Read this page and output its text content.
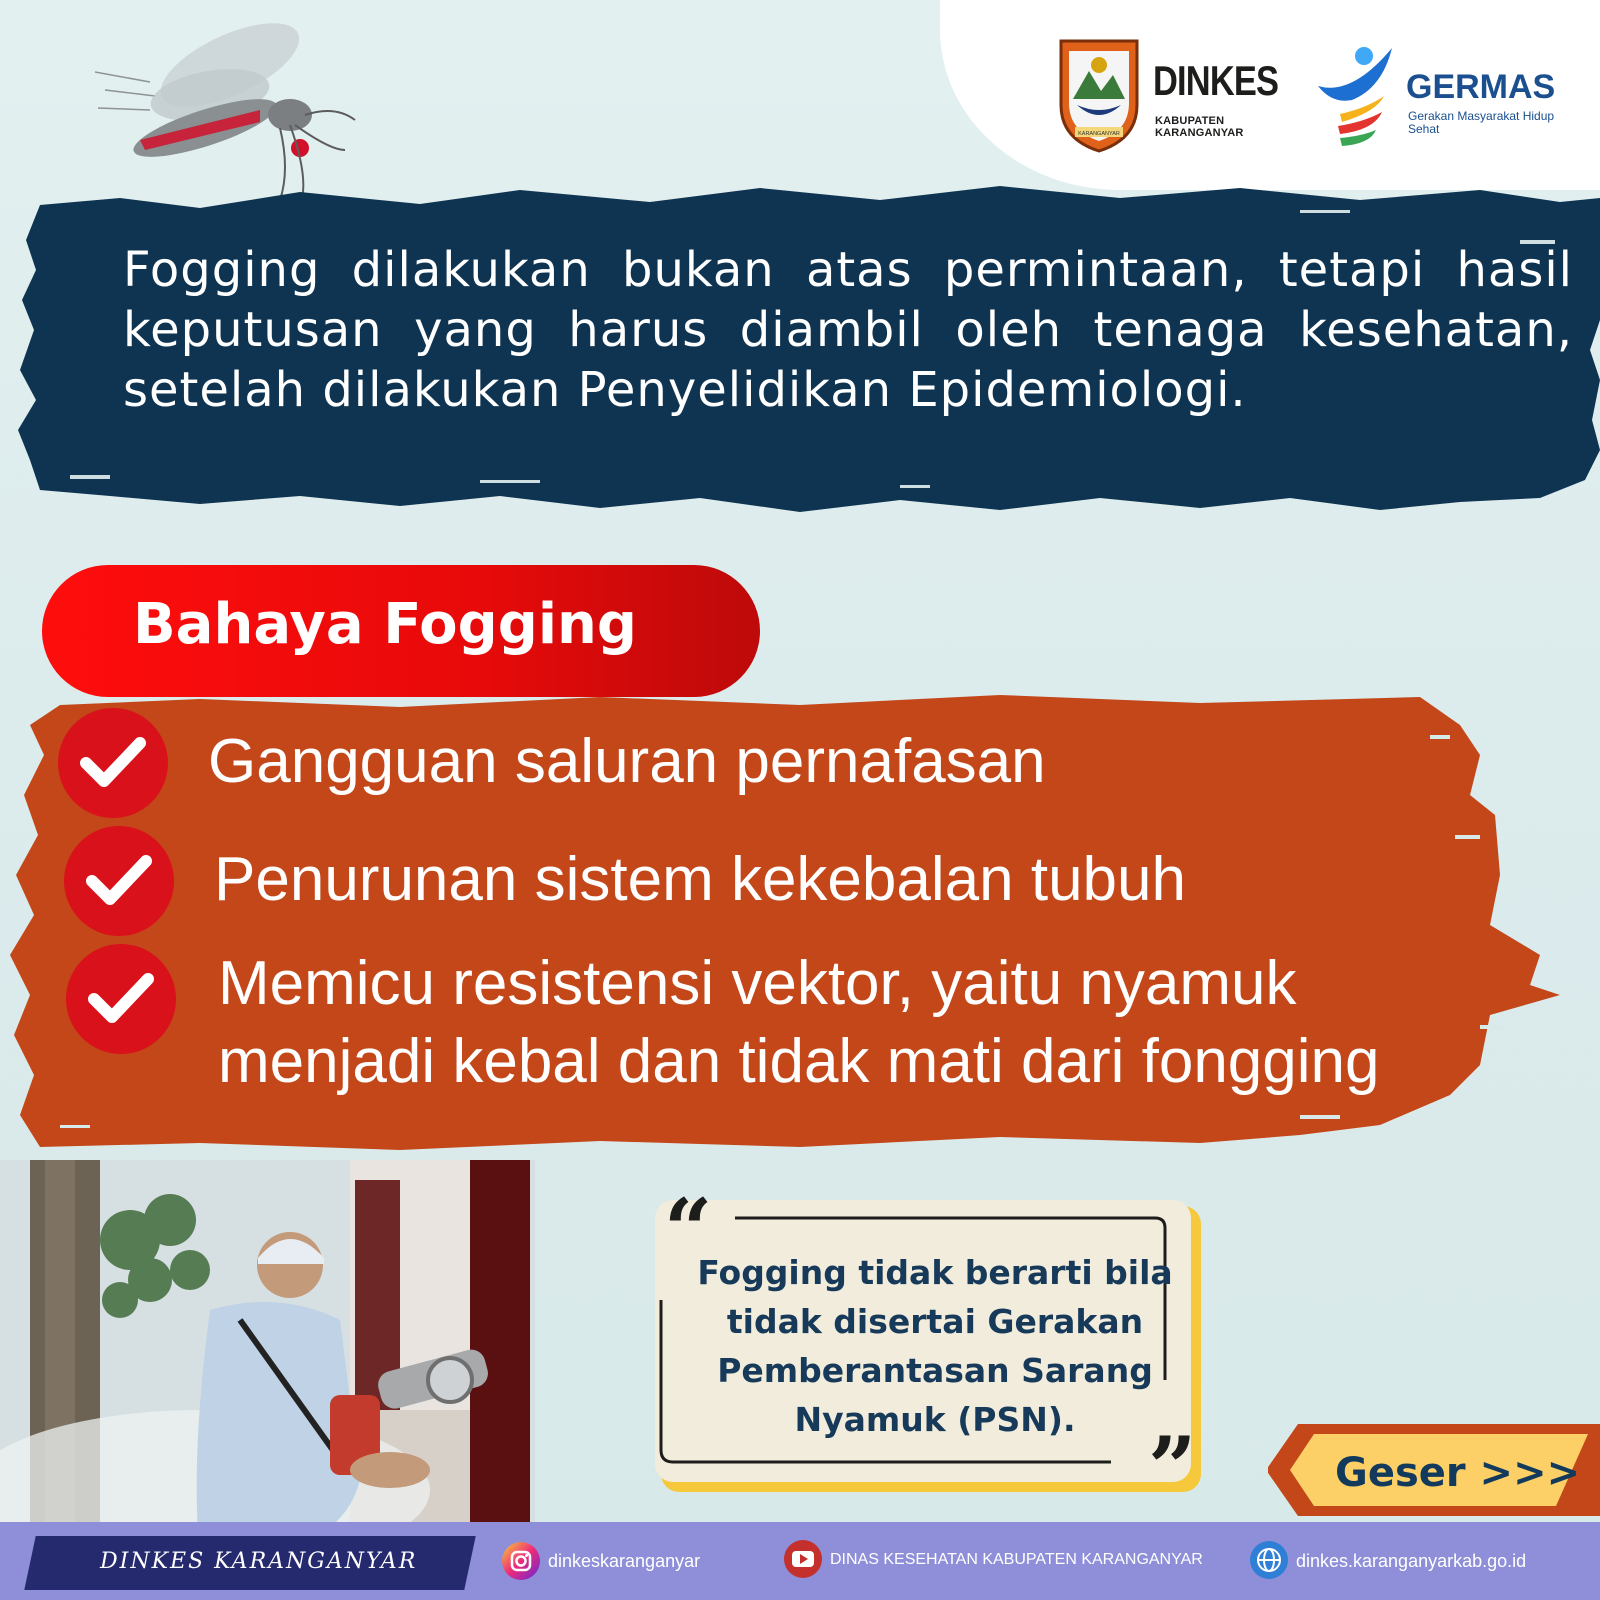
KARANGANYAR
DINKES
KABUPATEN KARANGANYAR
GERMAS
Gerakan Masyarakat Hidup Sehat
Fogging dilakukan bukan atas permintaan, tetapi hasil keputusan yang harus diambil oleh tenaga kesehatan, setelah dilakukan Penyelidikan Epidemiologi.
Bahaya Fogging
Gangguan saluran pernafasan
Penurunan sistem kekebalan tubuh
Memicu resistensi vektor, yaitu nyamuk
menjadi kebal dan tidak mati dari fongging
“
Fogging tidak berarti bila tidak disertai Gerakan Pemberantasan Sarang Nyamuk (PSN). ”	Geser >>>
DINKES KARANGANYAR	dinkeskaranganyar	DINAS KESEHATAN KABUPATEN KARANGANYAR	dinkes.karanganyarkab.go.id
